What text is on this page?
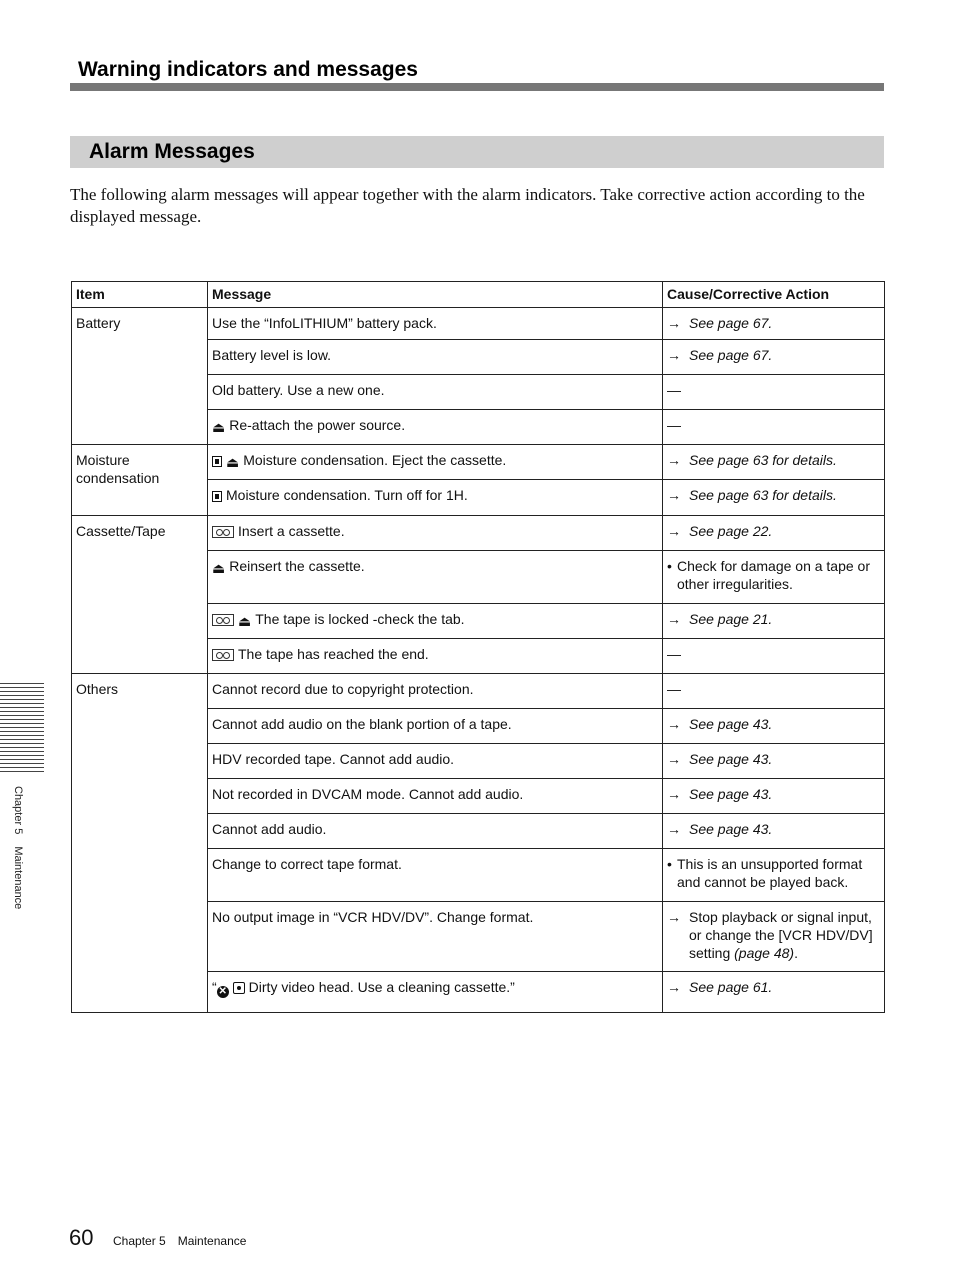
Warning indicators and messages
Alarm Messages

The following alarm messages will appear together with the alarm indicators. Take corrective action according to the displayed message.

Item	Message	Cause/Corrective Action
Battery	Use the “InfoLITHIUM” battery pack.	→ See page 67.

	Battery level is low.	→ See page 67.

	Old battery. Use a new one.	—
	⏏ Re-attach the power source.	—
Moisture condensation	⏏ Moisture condensation. Eject the cassette.	→ See page 63 for details.

	Moisture condensation. Turn off for 1H.	→ See page 63 for details.

Cassette/Tape	Insert a cassette.	→ See page 22.

	⏏ Reinsert the cassette.	• Check for damage on a tape or other irregularities.

	⏏ The tape is locked -check the tab.	→ See page 21.

	The tape has reached the end.	—
Others	Cannot record due to copyright protection.	—
	Cannot add audio on the blank portion of a tape.	→ See page 43.

	HDV recorded tape. Cannot add audio.	→ See page 43.

	Not recorded in DVCAM mode. Cannot add audio.	→ See page 43.

	Cannot add audio.	→ See page 43.

	Change to correct tape format.	• This is an unsupported format and cannot be played back.

	No output image in “VCR HDV/DV”. Change format.	→ Stop playback or signal input, or change the [VCR HDV/DV] setting (page 48).

	“ ✕ Dirty video head. Use a cleaning cassette.”	→ See page 61.
Chapter 5Maintenance
60 Chapter 5 Maintenance
